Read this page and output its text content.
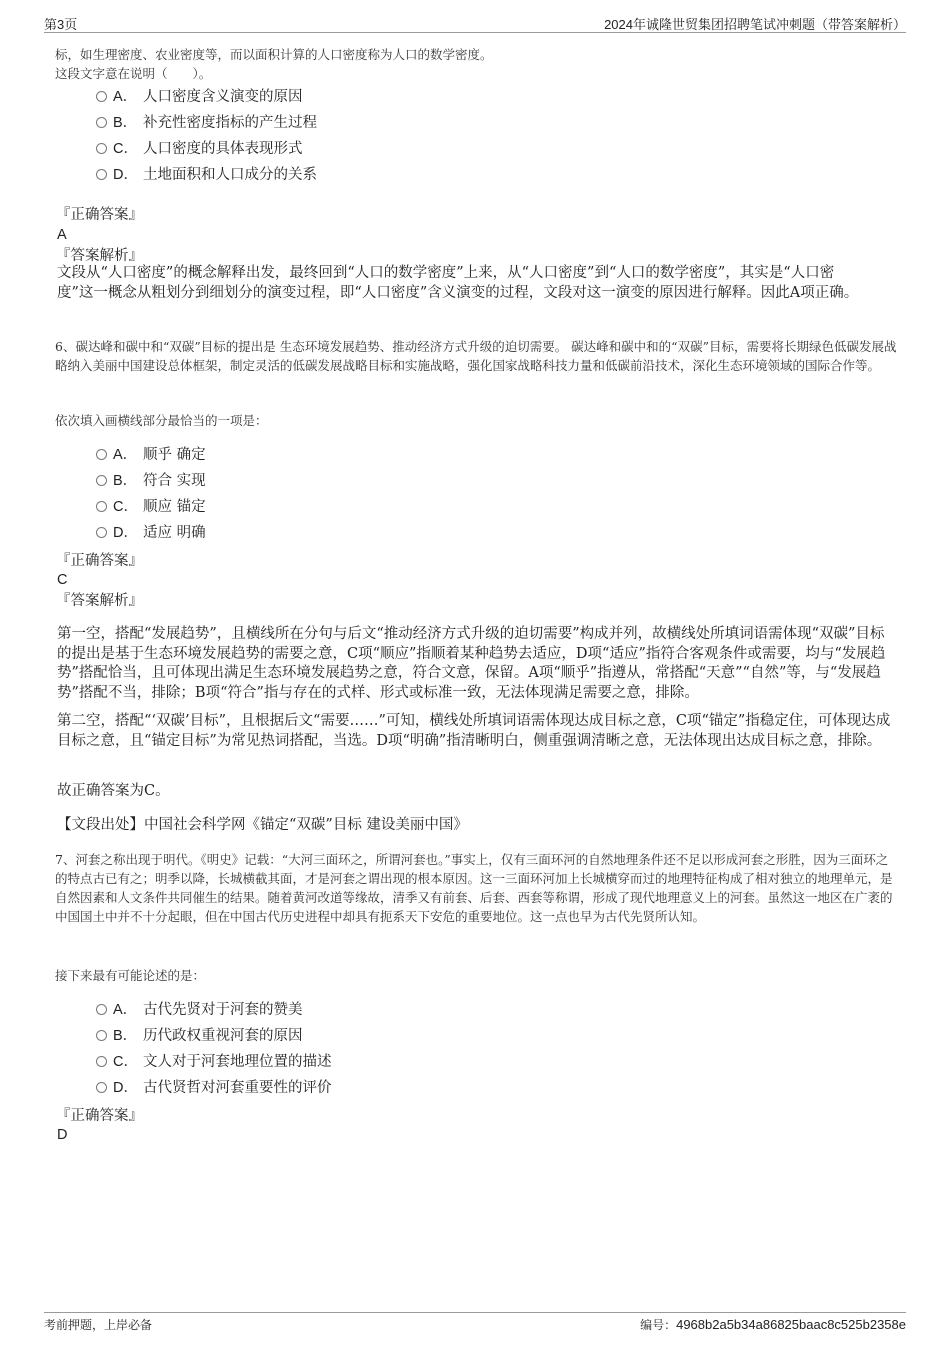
第3页	2024年诚隆世贸集团招聘笔试冲刺题（带答案解析）
标，如生理密度、农业密度等，而以面积计算的人口密度称为人口的数学密度。
这段文字意在说明（　　）。
A． 人口密度含义演变的原因
B． 补充性密度指标的产生过程
C． 人口密度的具体表现形式
D． 土地面积和人口成分的关系
『正确答案』
A
『答案解析』
文段从“人口密度”的概念解释出发，最终回到“人口的数学密度”上来，从“人口密度”到“人口的数学密度”，其实是“人口密度”这一概念从粗划分到细划分的演变过程，即“人口密度”含义演变的过程，文段对这一演变的原因进行解释。因此A项正确。
6、碳达峰和碳中和“双碳”目标的提出是 生态环境发展趋势、推动经济方式升级的迫切需要。 碳达峰和碳中和的“双碳”目标，需要将长期绿色低碳发展战略纳入美丽中国建设总体框架，制定灵活的低碳发展战略目标和实施战略，强化国家战略科技力量和低碳前沿技术，深化生态环境领域的国际合作等。
依次填入画横线部分最恰当的一项是：
A． 顺乎 确定
B． 符合 实现
C． 顺应 锚定
D． 适应 明确
『正确答案』
C
『答案解析』
第一空，搭配“发展趋势”，且横线所在分句与后文“推动经济方式升级的迫切需要”构成并列，故横线处所填词语需体现“双碳”目标的提出是基于生态环境发展趋势的需要之意，C项“顺应”指顺着某种趋势去适应，D项“适应”指符合客观条件或需要，均与“发展趋势”搭配恰当，且可体现出满足生态环境发展趋势之意，符合文意，保留。A项“顺乎”指遵从，常搭配“天意”“自然”等，与“发展趋势”搭配不当，排除；B项“符合”指与存在的式样、形式或标准一致，无法体现满足需要之意，排除。
第二空，搭配“‘双碳’目标”，且根据后文“需要……”可知，横线处所填词语需体现达成目标之意，C项“锚定”指稳定住，可体现达成目标之意，且“锚定目标”为常见热词搭配，当选。D项“明确”指清晰明白，侧重强调清晰之意，无法体现出达成目标之意，排除。
故正确答案为C。
【文段出处】中国社会科学网《锚定“双碳”目标 建设美丽中国》
7、河套之称出现于明代。《明史》记载：“大河三面环之，所谓河套也。”事实上，仅有三面环河的自然地理条件还不足以形成河套之形胜，因为三面环之的特点古已有之；明季以降，长城横截其面，才是河套之谓出现的根本原因。这一三面环河加上长城横穿而过的地理特征构成了相对独立的地理单元，是自然因素和人文条件共同催生的结果。随着黄河改道等缘故，清季又有前套、后套、西套等称谓，形成了现代地理意义上的河套。虽然这一地区在广袤的中国国土中并不十分起眼，但在中国古代历史进程中却具有扼系天下安危的重要地位。这一点也早为古代先贤所认知。
接下来最有可能论述的是：
A． 古代先贤对于河套的赞美
B． 历代政权重视河套的原因
C． 文人对于河套地理位置的描述
D． 古代贤哲对河套重要性的评价
『正确答案』
D
考前押题，上岸必备	编号：4968b2a5b34a86825baac8c525b2358e
